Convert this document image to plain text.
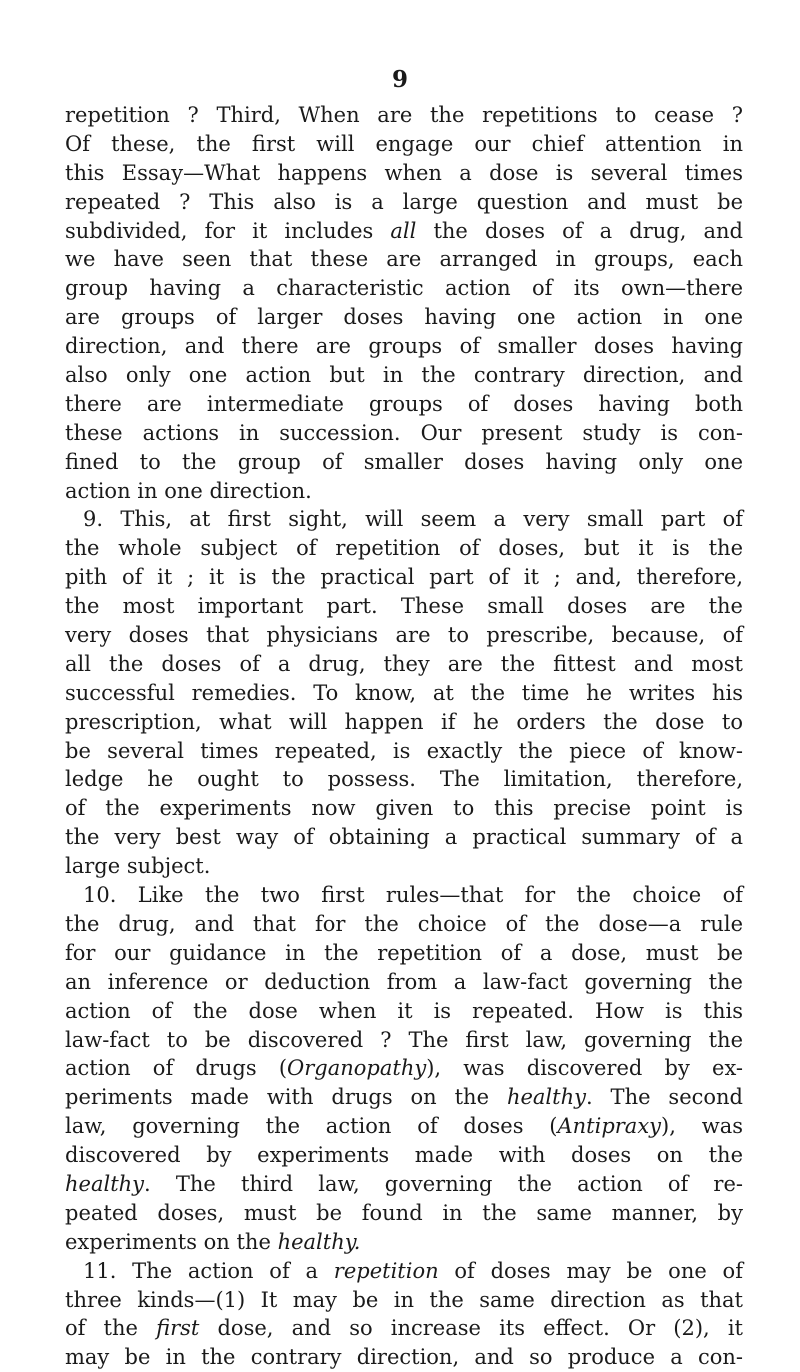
9
repetition ? Third, When are the repetitions to cease ?
Of these, the first will engage our chief attention in
this Essay—What happens when a dose is several times
repeated ? This also is a large question and must be
subdivided, for it includes all the doses of a drug, and
we have seen that these are arranged in groups, each
group having a characteristic action of its own—there
are groups of larger doses having one action in one
direction, and there are groups of smaller doses having
also only one action but in the contrary direction, and
there are intermediate groups of doses having both
these actions in succession. Our present study is con-
fined to the group of smaller doses having only one
action in one direction.
9. This, at first sight, will seem a very small part of
the whole subject of repetition of doses, but it is the
pith of it ; it is the practical part of it ; and, therefore,
the most important part. These small doses are the
very doses that physicians are to prescribe, because, of
all the doses of a drug, they are the fittest and most
successful remedies. To know, at the time he writes his
prescription, what will happen if he orders the dose to
be several times repeated, is exactly the piece of know-
ledge he ought to possess. The limitation, therefore,
of the experiments now given to this precise point is
the very best way of obtaining a practical summary of a
large subject.
10. Like the two first rules—that for the choice of
the drug, and that for the choice of the dose—a rule
for our guidance in the repetition of a dose, must be
an inference or deduction from a law-fact governing the
action of the dose when it is repeated. How is this
law-fact to be discovered ? The first law, governing the
action of drugs (Organopathy), was discovered by ex-
periments made with drugs on the healthy. The second
law, governing the action of doses (Antipraxy), was
discovered by experiments made with doses on the
healthy. The third law, governing the action of re-
peated doses, must be found in the same manner, by
experiments on the healthy.
11. The action of a repetition of doses may be one of
three kinds—(1) It may be in the same direction as that
of the first dose, and so increase its effect. Or (2), it
may be in the contrary direction, and so produce a con-
